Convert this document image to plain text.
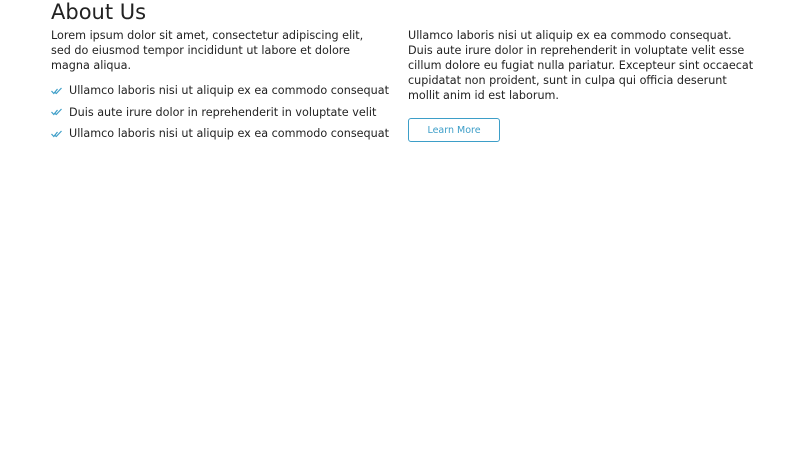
About Us

Lorem ipsum dolor sit amet, consectetur adipiscing elit, sed do eiusmod tempor incididunt ut labore et dolore magna aliqua.

Ullamco laboris nisi ut aliquip ex ea commodo consequat
Duis aute irure dolor in reprehenderit in voluptate velit
Ullamco laboris nisi ut aliquip ex ea commodo consequat

Ullamco laboris nisi ut aliquip ex ea commodo consequat. Duis aute irure dolor in reprehenderit in voluptate velit esse cillum dolore eu fugiat nulla pariatur. Excepteur sint occaecat cupidatat non proident, sunt in culpa qui officia deserunt mollit anim id est laborum.

Learn More
